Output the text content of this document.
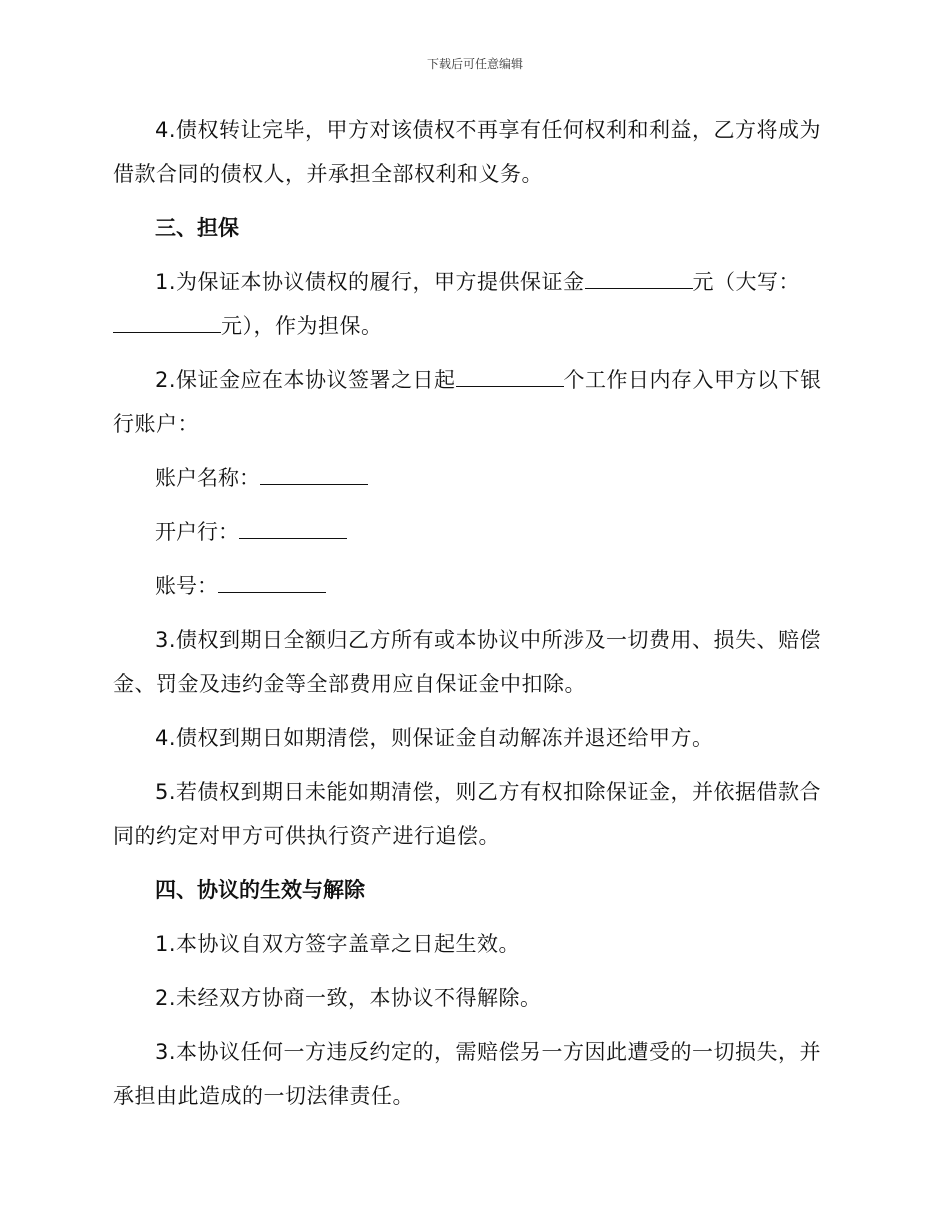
下载后可任意编辑

4.债权转让完毕，甲方对该债权不再享有任何权利和利益，乙方将成为借款合同的债权人，并承担全部权利和义务。

三、担保

1.为保证本协议债权的履行，甲方提供保证金	元（大写：元），作为担保。

2.保证金应在本协议签署之日起	个工作日内存入甲方以下银行账户：

账户名称：
开户行：
账号：

3.债权到期日全额归乙方所有或本协议中所涉及一切费用、损失、赔偿金、罚金及违约金等全部费用应自保证金中扣除。

4.债权到期日如期清偿，则保证金自动解冻并退还给甲方。

5.若债权到期日未能如期清偿，则乙方有权扣除保证金，并依据借款合同的约定对甲方可供执行资产进行追偿。

四、协议的生效与解除

1.本协议自双方签字盖章之日起生效。

2.未经双方协商一致，本协议不得解除。

3.本协议任何一方违反约定的，需赔偿另一方因此遭受的一切损失，并承担由此造成的一切法律责任。
